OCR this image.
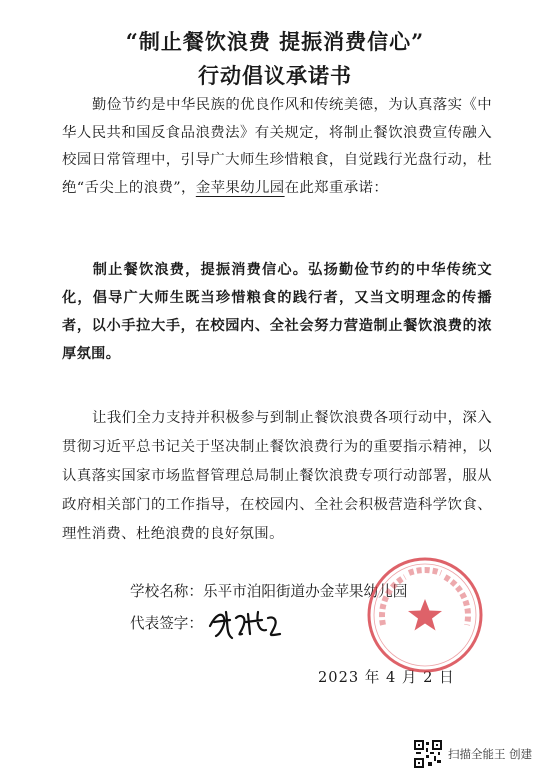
“制止餐饮浪费 提振消费信心”
行动倡议承诺书
勤俭节约是中华民族的优良作风和传统美德，为认真落实《中华人民共和国反食品浪费法》有关规定，将制止餐饮浪费宣传融入校园日常管理中，引导广大师生珍惜粮食，自觉践行光盘行动，杜绝“舌尖上的浪费”，金苹果幼儿园在此郑重承诺：
制止餐饮浪费，提振消费信心。弘扬勤俭节约的中华传统文化，倡导广大师生既当珍惜粮食的践行者，又当文明理念的传播者，以小手拉大手，在校园内、全社会努力营造制止餐饮浪费的浓厚氛围。
让我们全力支持并积极参与到制止餐饮浪费各项行动中，深入贯彻习近平总书记关于坚决制止餐饮浪费行为的重要指示精神，以认真落实国家市场监督管理总局制止餐饮浪费专项行动部署，服从政府相关部门的工作指导，在校园内、全社会积极营造科学饮食、理性消费、杜绝浪费的良好氛围。
学校名称：乐平市洎阳街道办金苹果幼儿园
代表签字：
2023 年 4 月 2 日
扫描全能王 创建
